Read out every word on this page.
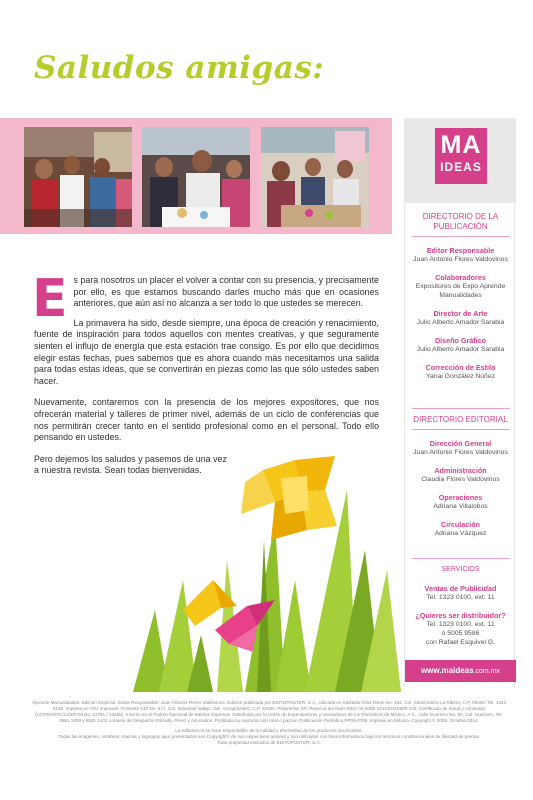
Saludos amigas:

Es para nosotros un placer el volver a contar con su presencia, y precisamente por ello, es que estamos buscando darles mucho más que en ocasiones anteriores, que aún así no alcanza a ser todo lo que ustedes se merecen.

La primavera ha sido, desde siempre, una época de creación y renacimiento, fuente de inspiración para todos aquellos con mentes creativas, y que seguramente sienten el influjo de energía que esta estación trae consigo. Es por ello que decidimos elegir estas fechas, pues sabemos que es ahora cuando más necesitamos una salida para todas estas ideas, que se convertirán en piezas como las que sólo ustedes saben hacer.

Nuevamente, contaremos con la presencia de los mejores expositores, que nos ofrecerán material y talleres de primer nivel, además de un ciclo de conferencias que nos permitirán crecer tanto en el sentido profesional como en el personal. Todo ello pensando en ustedes.

Pero dejemos los saludos y pasemos de una vez
a nuestra revista. Sean todas bienvenidas.

MA
IDEAS
DIRECTORIO DE LA PUBLICACIÓN
Editor Responsable
Juan Antonio Flores Valdovinos
Colaboradores
Expositores de Expo Aprende
Manualidades
Director de Arte
Julio Alberto Amador Sarabia
Diseño Gráfico
Julio Alberto Amador Sarabia
Corrección de Estilo
Yanai González Núñez
DIRECTORIO EDITORIAL
Dirección General
Juan Antonio Flores Valdovinos
Administración
Claudia Flores Valdovinos
Operaciones
Adriana Villalobos
Circulación
Adriana Vázquez
SERVICIOS
Ventas de Publicidad
Tel. 1323 0100, ext. 11
¿Quieres ser distribuidor?
Tel. 1323 0100, ext. 11
ó 5005 9586
con Rafael Esquivel G.
www.maideas.com.mx

Aprende Manualidades. Edición Especial. Editor Responsable: Juan Antonio Flores Valdovinos. Edición publicada por EDITOPOSTER, S.A., ubicada en Salvador Díaz Mirón No. 154, Col. Santa María La Ribera, C.P. 06400. Tel. 1323 0100. Impresa en VVJ Impresos, Poniente 140 No. 671, Col. Industrial Vallejo, Del. Azcapotzalco, C.P. 02300. Preprensa: EP. Reserva del título INDA 04-2006-101310215800-102. Certificado de licitud y contenido (CCPRI/3/TC/13/19728 No. 13791 / 13455). Inscrito en el Padrón Nacional de Medios Impresos. Distribuido por la Unión de Expendedores y Voceadores de los Periódicos de México, A.C., calle Guerrero No. 50, Col. Guerrero. Tel. 5591 1400 y 5591 1401 a través del Despacho Estrada, Pérez y Asociados. Prohibida su reproducción total o parcial. Publicación Periódica PP09-0768. Impresa en México. Copyright © 2006. Octubre 2014.

La editorial no se hace responsable de la calidad y efectividad de los productos anunciados.
Todas las imágenes, nombres, marcas y logotipos aquí presentados son Copyright© de sus respectivos autores y son utilizados con fines informativos bajo los términos constitucionales de libertad de prensa.
Toda propiedad exclusiva de EDITOPOSTER, S.A.
